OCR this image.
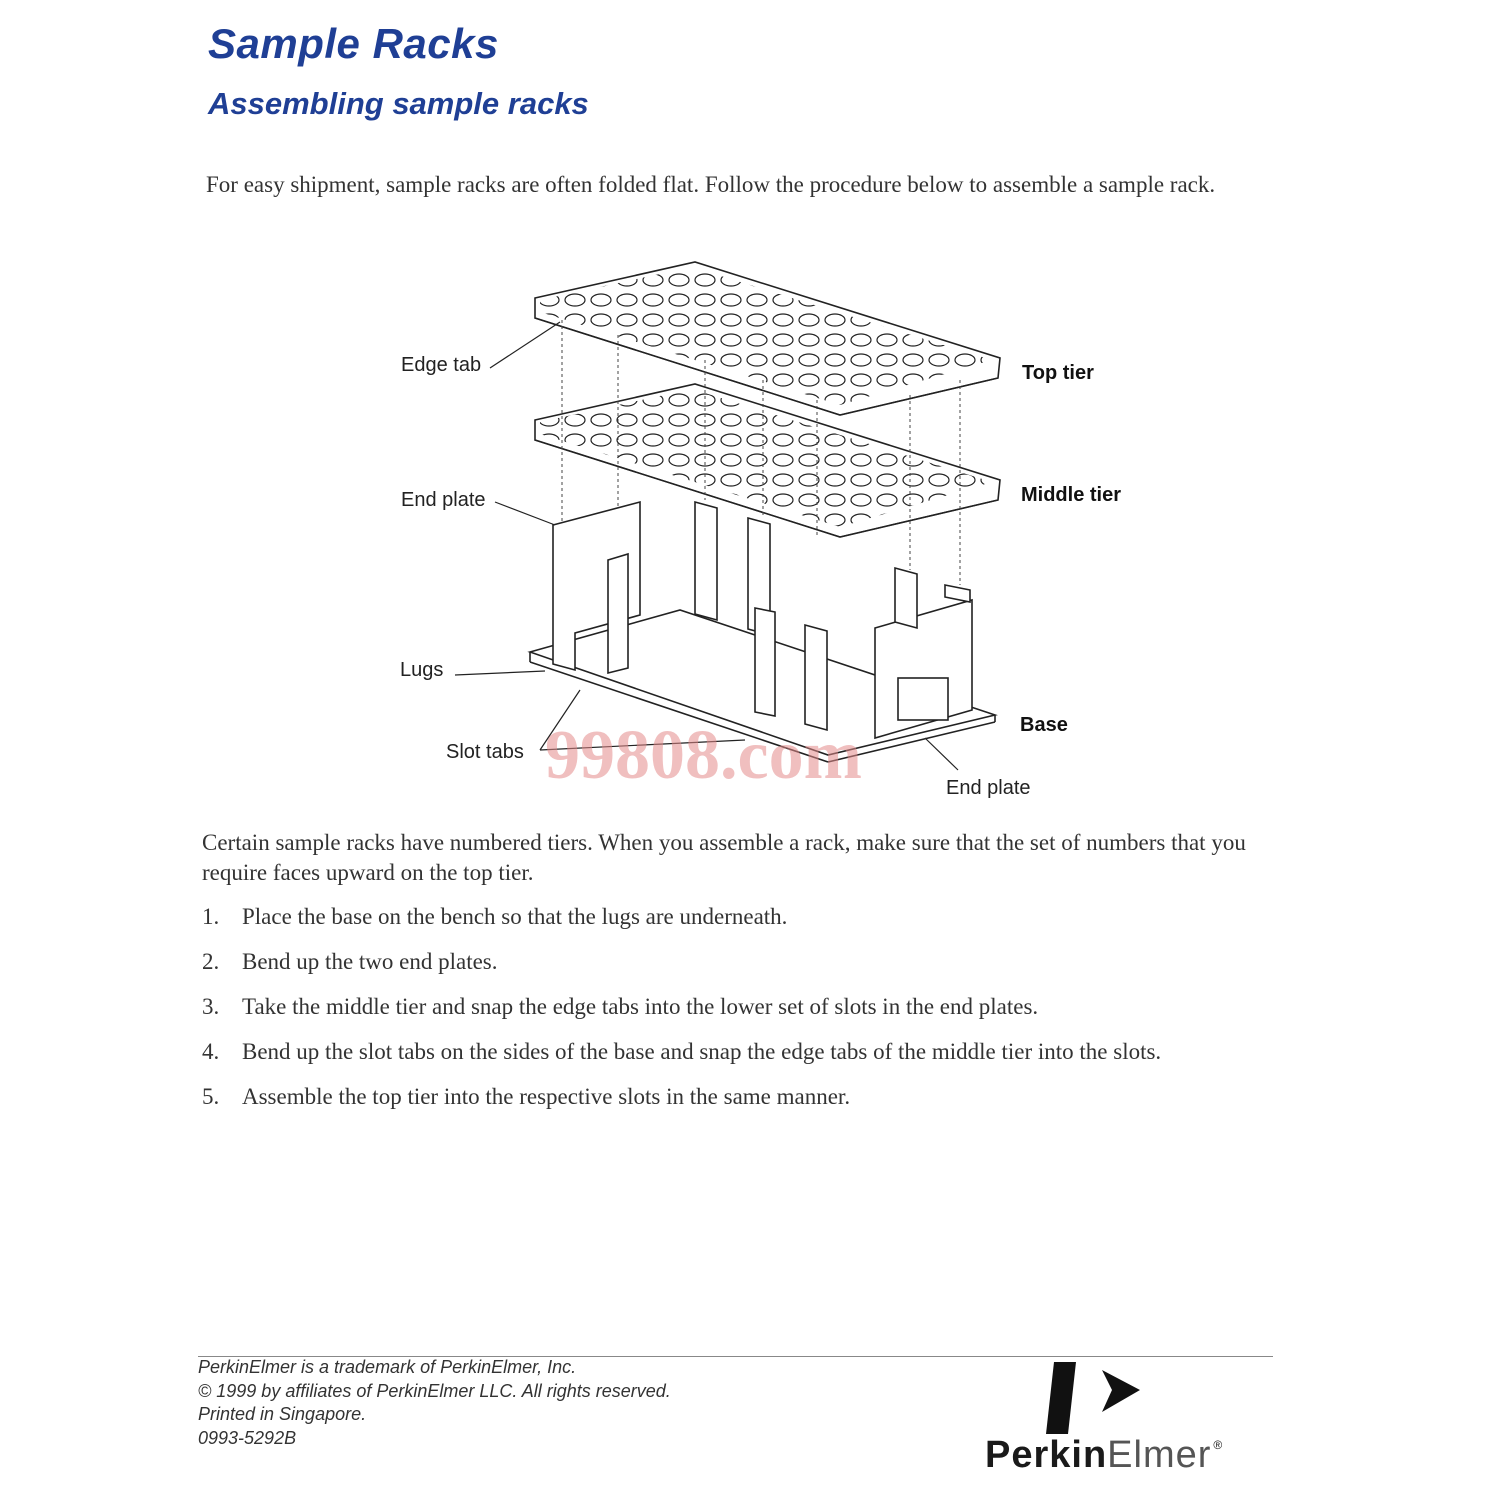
Sample Racks
Assembling sample racks

For easy shipment, sample racks are often folded flat. Follow the procedure below to assemble a sample rack.

Edge tab
End plate
Lugs
Slot tabs
Top tier
Middle tier
Base
End plate
99808.com

Certain sample racks have numbered tiers. When you assemble a rack, make sure that the set of numbers that you require faces upward on the top tier.

1. Place the base on the bench so that the lugs are underneath.
2. Bend up the two end plates.
3. Take the middle tier and snap the edge tabs into the lower set of slots in the end plates.
4. Bend up the slot tabs on the sides of the base and snap the edge tabs of the middle tier into the slots.
5. Assemble the top tier into the respective slots in the same manner.
PerkinElmer is a trademark of PerkinElmer, Inc.
© 1999 by affiliates of PerkinElmer LLC. All rights reserved.
Printed in Singapore.
0993-5292B	PerkinElmer ®
